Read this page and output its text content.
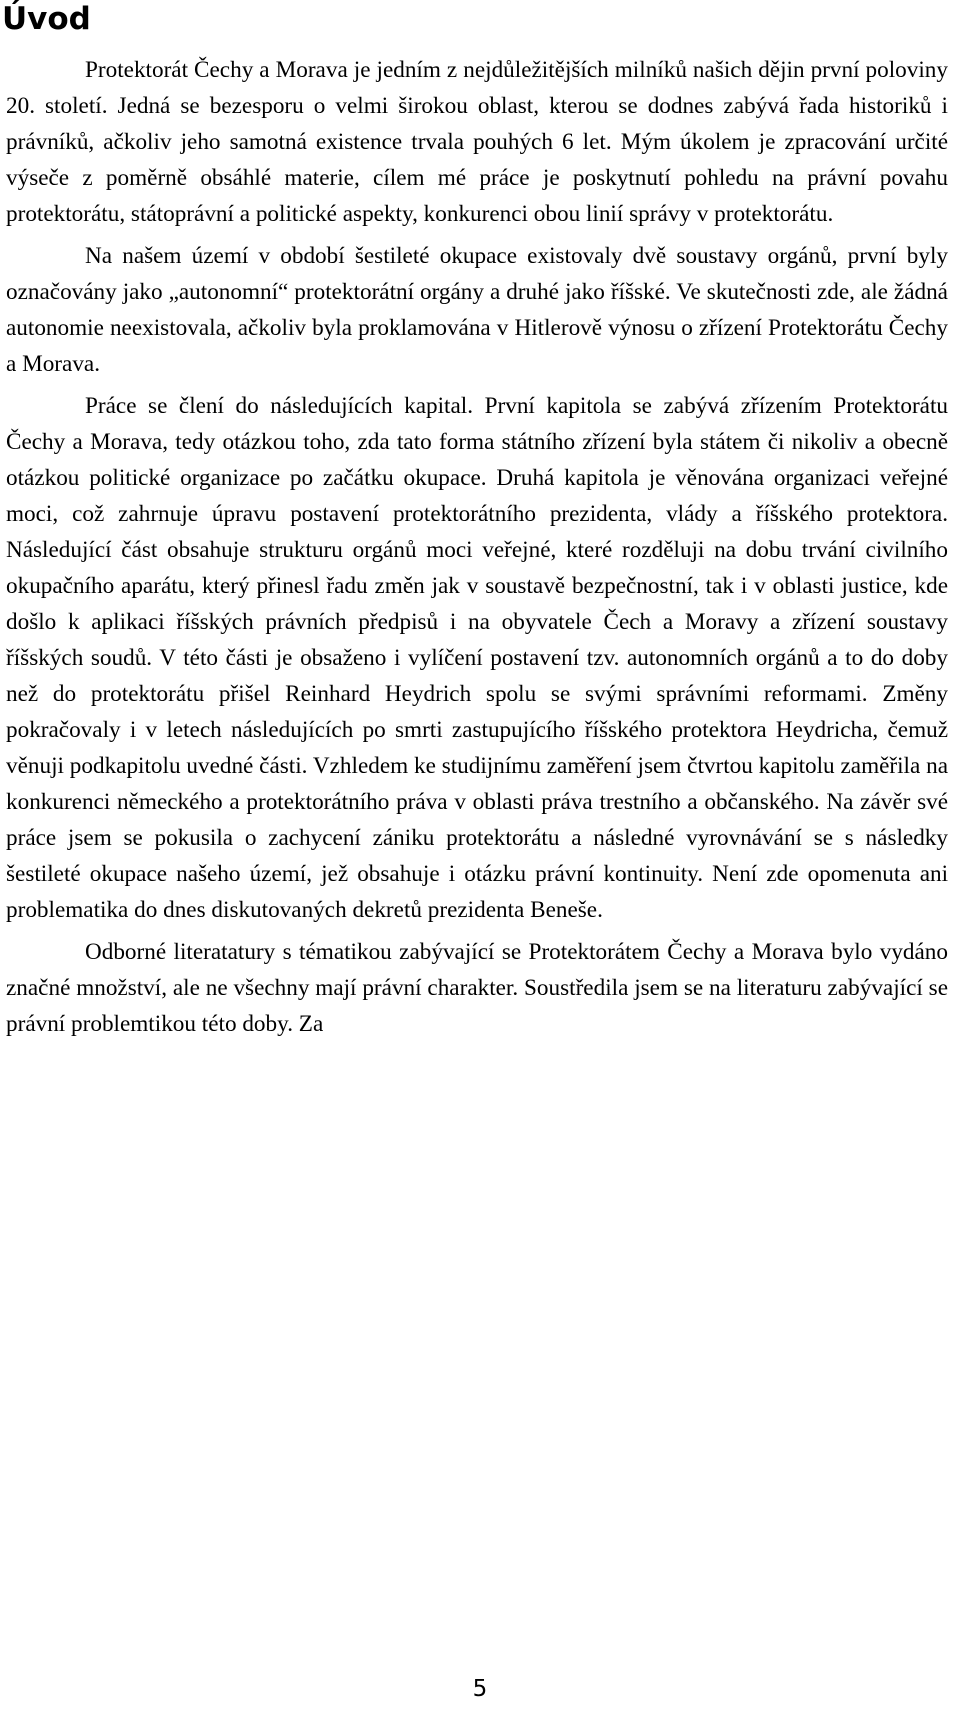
Úvod

Protektorát Čechy a Morava je jedním z nejdůležitějších milníků našich dějin první poloviny 20. století. Jedná se bezesporu o velmi širokou oblast, kterou se dodnes zabývá řada historiků i právníků, ačkoliv jeho samotná existence trvala pouhých 6 let. Mým úkolem je zpracování určité výseče z poměrně obsáhlé materie, cílem mé práce je poskytnutí pohledu na právní povahu protektorátu, státoprávní a politické aspekty, konkurenci obou linií správy v protektorátu.

Na našem území v období šestileté okupace existovaly dvě soustavy orgánů, první byly označovány jako „autonomní“ protektorátní orgány a druhé jako říšské. Ve skutečnosti zde, ale žádná autonomie neexistovala, ačkoliv byla proklamována v Hitlerově výnosu o zřízení Protektorátu Čechy a Morava.

Práce se člení do následujících kapital. První kapitola se zabývá zřízením Protektorátu Čechy a Morava, tedy otázkou toho, zda tato forma státního zřízení byla státem či nikoliv a obecně otázkou politické organizace po začátku okupace. Druhá kapitola je věnována organizaci veřejné moci, což zahrnuje úpravu postavení protektorátního prezidenta, vlády a říšského protektora. Následující část obsahuje strukturu orgánů moci veřejné, které rozděluji na dobu trvání civilního okupačního aparátu, který přinesl řadu změn jak v soustavě bezpečnostní, tak i v oblasti justice, kde došlo k aplikaci říšských právních předpisů i na obyvatele Čech a Moravy a zřízení soustavy říšských soudů. V této části je obsaženo i vylíčení postavení tzv. autonomních orgánů a to do doby než do protektorátu přišel Reinhard Heydrich spolu se svými správními reformami. Změny pokračovaly i v letech následujících po smrti zastupujícího říšského protektora Heydricha, čemuž věnuji podkapitolu uvedné části. Vzhledem ke studijnímu zaměření jsem čtvrtou kapitolu zaměřila na konkurenci německého a protektorátního práva v oblasti práva trestního a občanského. Na závěr své práce jsem se pokusila o zachycení zániku protektorátu a následné vyrovnávání se s následky šestileté okupace našeho území, jež obsahuje i otázku právní kontinuity. Není zde opomenuta ani problematika do dnes diskutovaných dekretů prezidenta Beneše.

Odborné literatatury s tématikou zabývající se Protektorátem Čechy a Morava bylo vydáno značné množství, ale ne všechny mají právní charakter. Soustředila jsem se na literaturu zabývající se právní problemtikou této doby. Za

5
